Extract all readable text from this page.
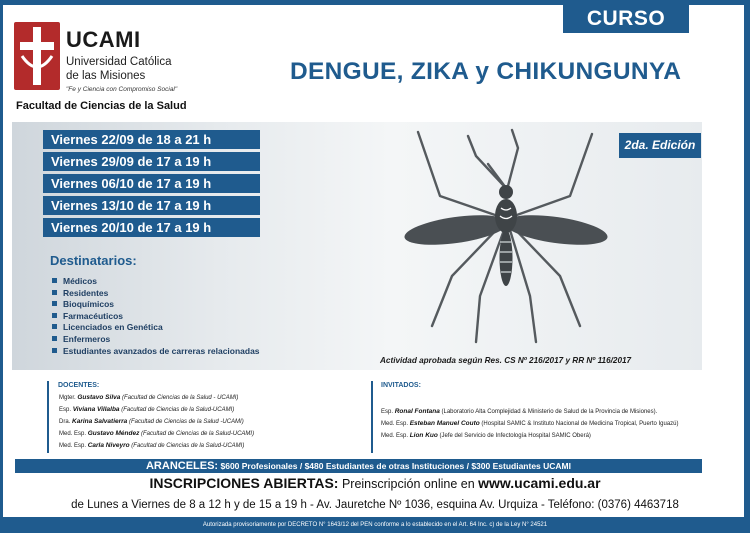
UCAMI
Universidad Católica
de las Misiones
"Fe y Ciencia con Compromiso Social"
Facultad de Ciencias de la Salud
CURSO
DENGUE, ZIKA y CHIKUNGUNYA
2da. Edición
Viernes 22/09 de 18 a 21 h
Viernes 29/09 de 17 a 19 h
Viernes 06/10 de 17 a 19 h
Viernes 13/10 de 17 a 19 h
Viernes 20/10 de 17 a 19 h
Destinatarios:
Médicos
Residentes
Bioquímicos
Farmacéuticos
Licenciados en Genética
Enfermeros
Estudiantes avanzados de carreras relacionadas
Actividad aprobada según Res. CS Nº 216/2017 y RR Nº 116/2017
DOCENTES:
Mgter. Gustavo Silva (Facultad de Ciencias de la Salud - UCAMI)
Esp. Viviana Villalba (Facultad de Ciencias de la Salud-UCAMI)
Dra. Karina Salvatierra (Facultad de Ciencias de la Salud -UCAMI)
Med. Esp. Gustavo Méndez (Facultad de Ciencias de la Salud-UCAMI)
Med. Esp. Carla Niveyro (Facultad de Ciencias de la Salud-UCAMI)
INVITADOS:
Esp. Ronal Fontana (Laboratorio Alta Complejidad & Ministerio de Salud de la Provincia de Misiones).
Med. Esp. Esteban Manuel Couto (Hospital SAMIC & Instituto Nacional de Medicina Tropical, Puerto Iguazú)
Med. Esp. Lion Kuo (Jefe del Servicio de Infectología Hospital SAMIC Oberá)
ARANCELES: $600 Profesionales / $480 Estudiantes de otras Instituciones / $300 Estudiantes UCAMI
INSCRIPCIONES ABIERTAS: Preinscripción online en www.ucami.edu.ar
de Lunes a Viernes de 8 a 12 h y de 15 a 19 h - Av. Jauretche Nº 1036, esquina Av. Urquiza - Teléfono: (0376) 4463718
Autorizada provisoriamente por DECRETO N° 1643/12 del PEN conforme a lo establecido en el Art. 64 Inc. c) de la Ley N° 24521
